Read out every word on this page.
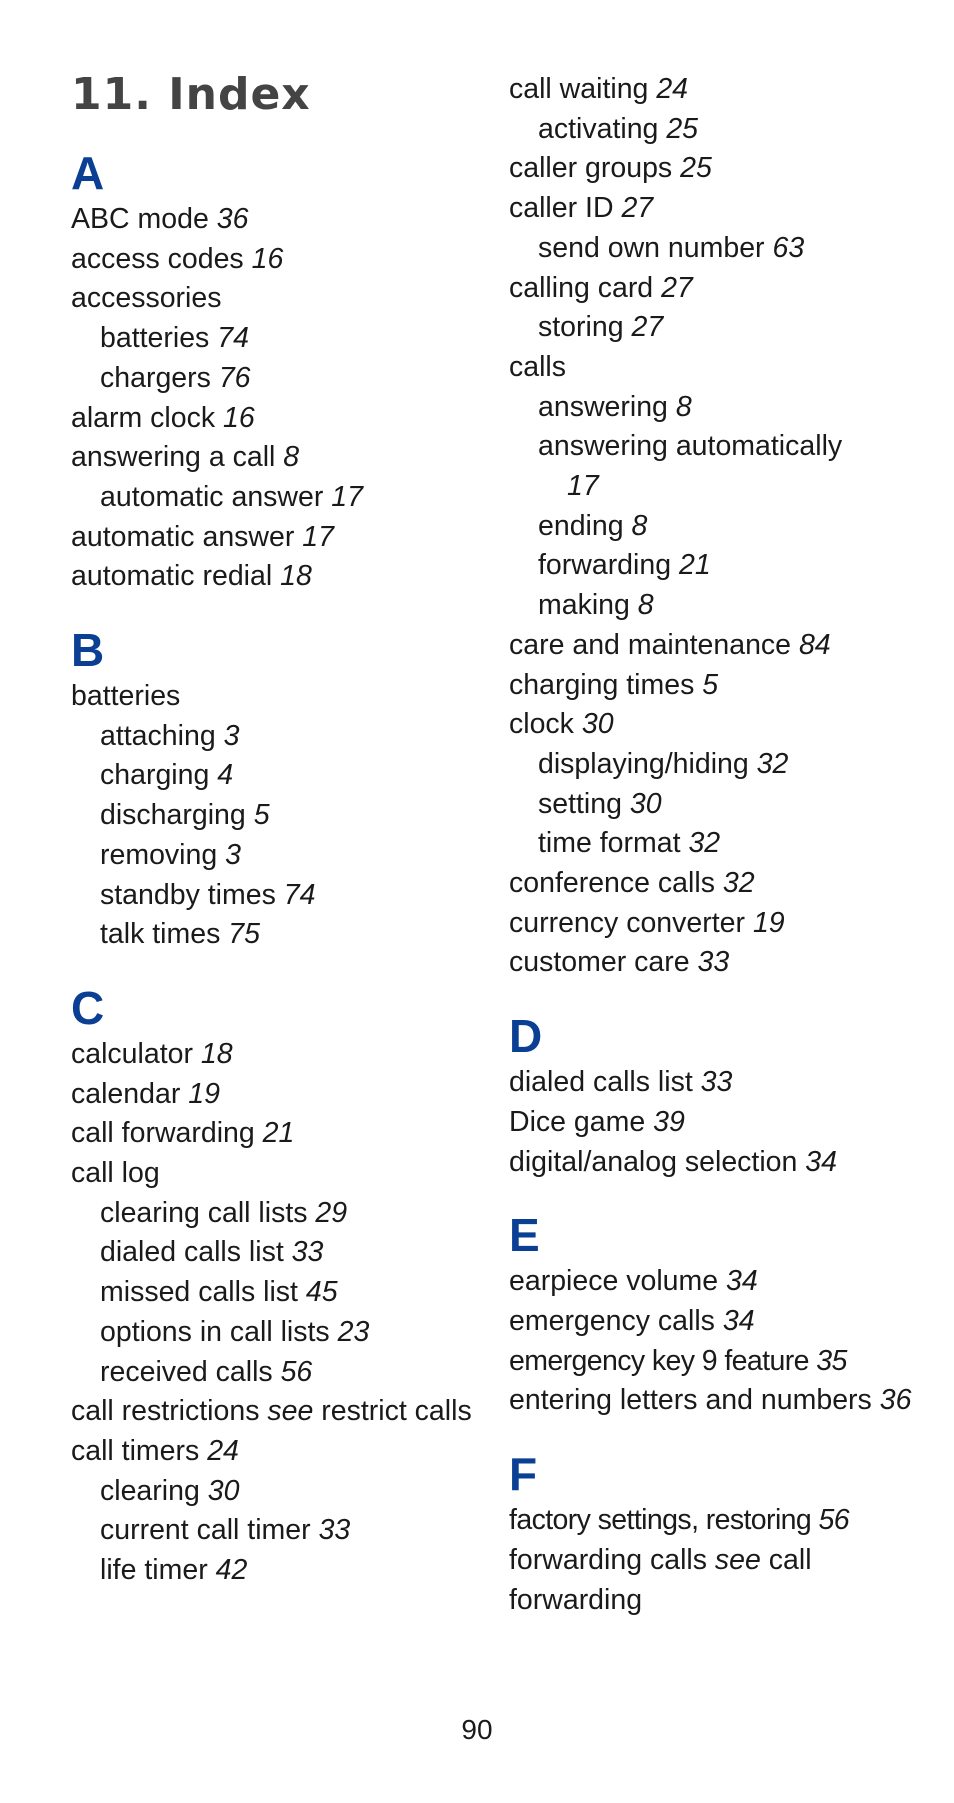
11. Index
A
ABC mode 36
access codes 16
accessories
batteries 74
chargers 76
alarm clock 16
answering a call 8
automatic answer 17
automatic answer 17
automatic redial 18
B
batteries
attaching 3
charging 4
discharging 5
removing 3
standby times 74
talk times 75
C
calculator 18
calendar 19
call forwarding 21
call log
clearing call lists 29
dialed calls list 33
missed calls list 45
options in call lists 23
received calls 56
call restrictions see restrict calls
call timers 24
clearing 30
current call timer 33
life timer 42
call waiting 24
activating 25
caller groups 25
caller ID 27
send own number 63
calling card 27
storing 27
calls
answering 8
answering automatically
17
ending 8
forwarding 21
making 8
care and maintenance 84
charging times 5
clock 30
displaying/hiding 32
setting 30
time format 32
conference calls 32
currency converter 19
customer care 33
D
dialed calls list 33
Dice game 39
digital/analog selection 34
E
earpiece volume 34
emergency calls 34
emergency key 9 feature 35
entering letters and numbers 36
F
factory settings, restoring 56
forwarding calls see call forwarding
90
